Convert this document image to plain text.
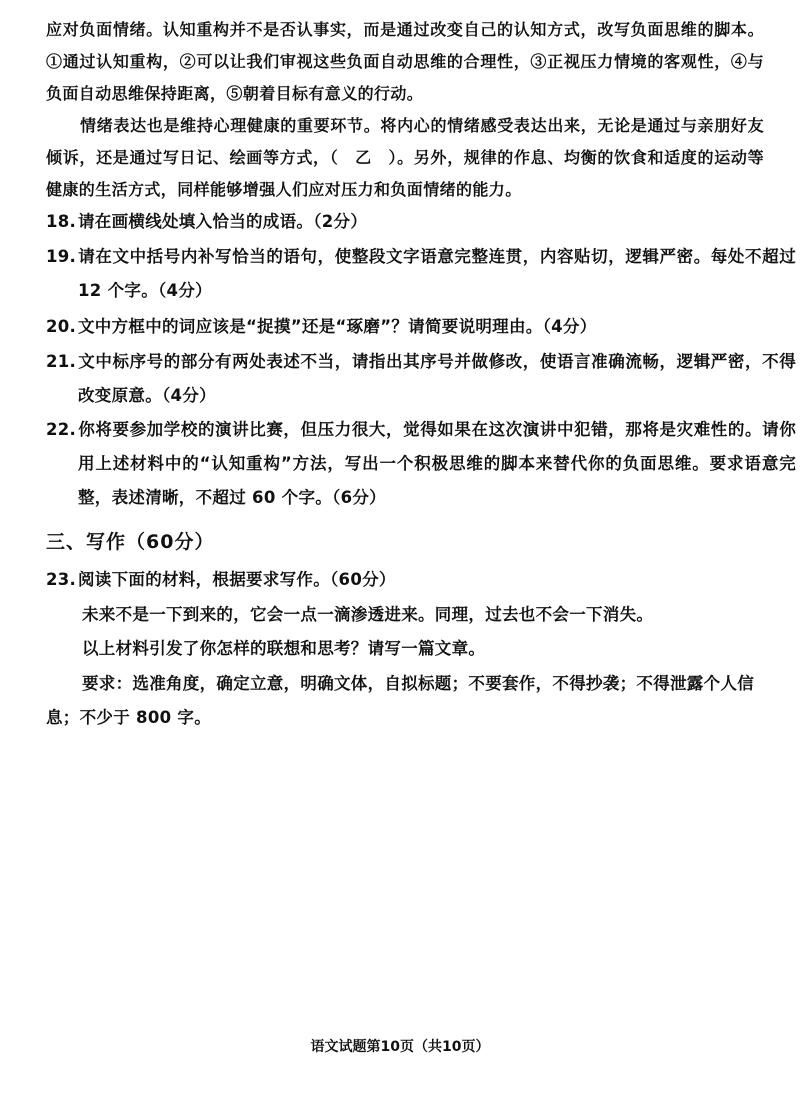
应对负面情绪。认知重构并不是否认事实，而是通过改变自己的认知方式，改写负面思维的脚本。①通过认知重构，②可以让我们审视这些负面自动思维的合理性，③正视压力情境的客观性，④与负面自动思维保持距离，⑤朝着目标有意义的行动。
情绪表达也是维持心理健康的重要环节。将内心的情绪感受表达出来，无论是通过与亲朋好友倾诉，还是通过写日记、绘画等方式，（　乙　）。另外，规律的作息、均衡的饮食和适度的运动等健康的生活方式，同样能够增强人们应对压力和负面情绪的能力。
18. 请在画横线处填入恰当的成语。（2分）
19. 请在文中括号内补写恰当的语句，使整段文字语意完整连贯，内容贴切，逻辑严密。每处不超过 12 个字。（4分）
20. 文中方框中的词应该是“捉摸”还是“琢磨”？请简要说明理由。（4分）
21. 文中标序号的部分有两处表述不当，请指出其序号并做修改，使语言准确流畅，逻辑严密，不得改变原意。（4分）
22. 你将要参加学校的演讲比赛，但压力很大，觉得如果在这次演讲中犯错，那将是灾难性的。请你用上述材料中的“认知重构”方法，写出一个积极思维的脚本来替代你的负面思维。要求语意完整，表述清晰，不超过 60 个字。（6分）
三、写作（60分）
23. 阅读下面的材料，根据要求写作。（60分）
未来不是一下到来的，它会一点一滴渗透进来。同理，过去也不会一下消失。
以上材料引发了你怎样的联想和思考？请写一篇文章。
要求：选准角度，确定立意，明确文体，自拟标题；不要套作，不得抄袭；不得泄露个人信息；不少于 800 字。
语文试题第10页（共10页）
